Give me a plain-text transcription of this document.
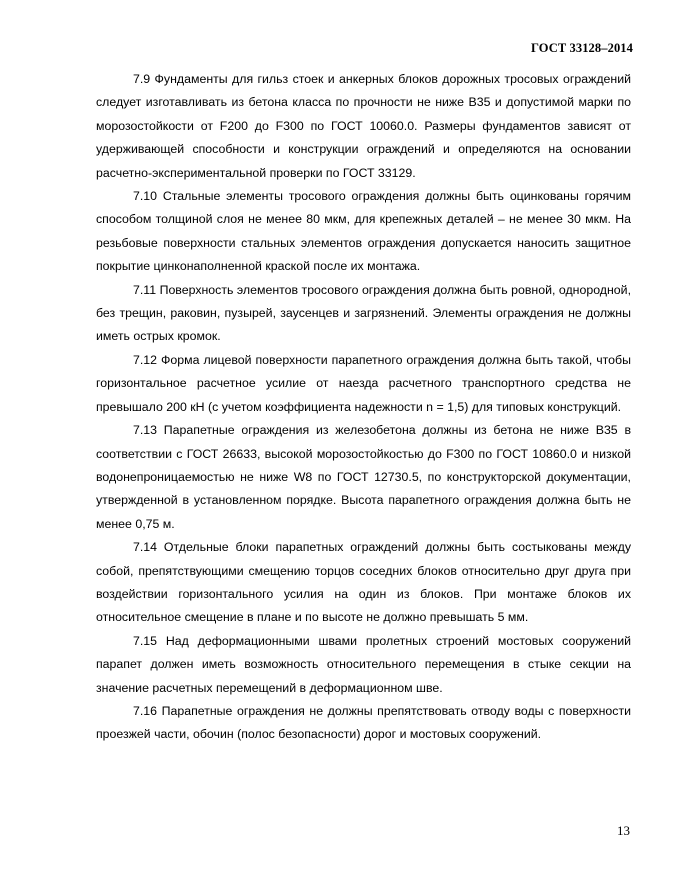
ГОСТ 33128–2014

7.9 Фундаменты для гильз стоек и анкерных блоков дорожных тросовых ограждений следует изготавливать из бетона класса по прочности не ниже В35 и допустимой марки по морозостойкости от F200 до F300 по ГОСТ 10060.0. Размеры фундаментов зависят от удерживающей способности и конструкции ограждений и определяются на основании расчетно-экспериментальной проверки по ГОСТ 33129.

7.10 Стальные элементы тросового ограждения должны быть оцинкованы горячим способом толщиной слоя не менее 80 мкм, для крепежных деталей – не менее 30 мкм. На резьбовые поверхности стальных элементов ограждения допускается наносить защитное покрытие цинконаполненной краской после их монтажа.

7.11 Поверхность элементов тросового ограждения должна быть ровной, однородной, без трещин, раковин, пузырей, заусенцев и загрязнений. Элементы ограждения не должны иметь острых кромок.

7.12 Форма лицевой поверхности парапетного ограждения должна быть такой, чтобы горизонтальное расчетное усилие от наезда расчетного транспортного средства не превышало 200 кН (с учетом коэффициента надежности n = 1,5) для типовых конструкций.

7.13 Парапетные ограждения из железобетона должны из бетона не ниже В35 в соответствии с ГОСТ 26633, высокой морозостойкостью до F300 по ГОСТ 10860.0 и низкой водонепроницаемостью не ниже W8 по ГОСТ 12730.5, по конструкторской документации, утвержденной в установленном порядке. Высота парапетного ограждения должна быть не менее 0,75 м.

7.14 Отдельные блоки парапетных ограждений должны быть состыкованы между собой, препятствующими смещению торцов соседних блоков относительно друг друга при воздействии горизонтального усилия на один из блоков. При монтаже блоков их относительное смещение в плане и по высоте не должно превышать 5 мм.

7.15 Над деформационными швами пролетных строений мостовых сооружений парапет должен иметь возможность относительного перемещения в стыке секции на значение расчетных перемещений в деформационном шве.

7.16 Парапетные ограждения не должны препятствовать отводу воды с поверхности проезжей части, обочин (полос безопасности) дорог и мостовых сооружений.

13
